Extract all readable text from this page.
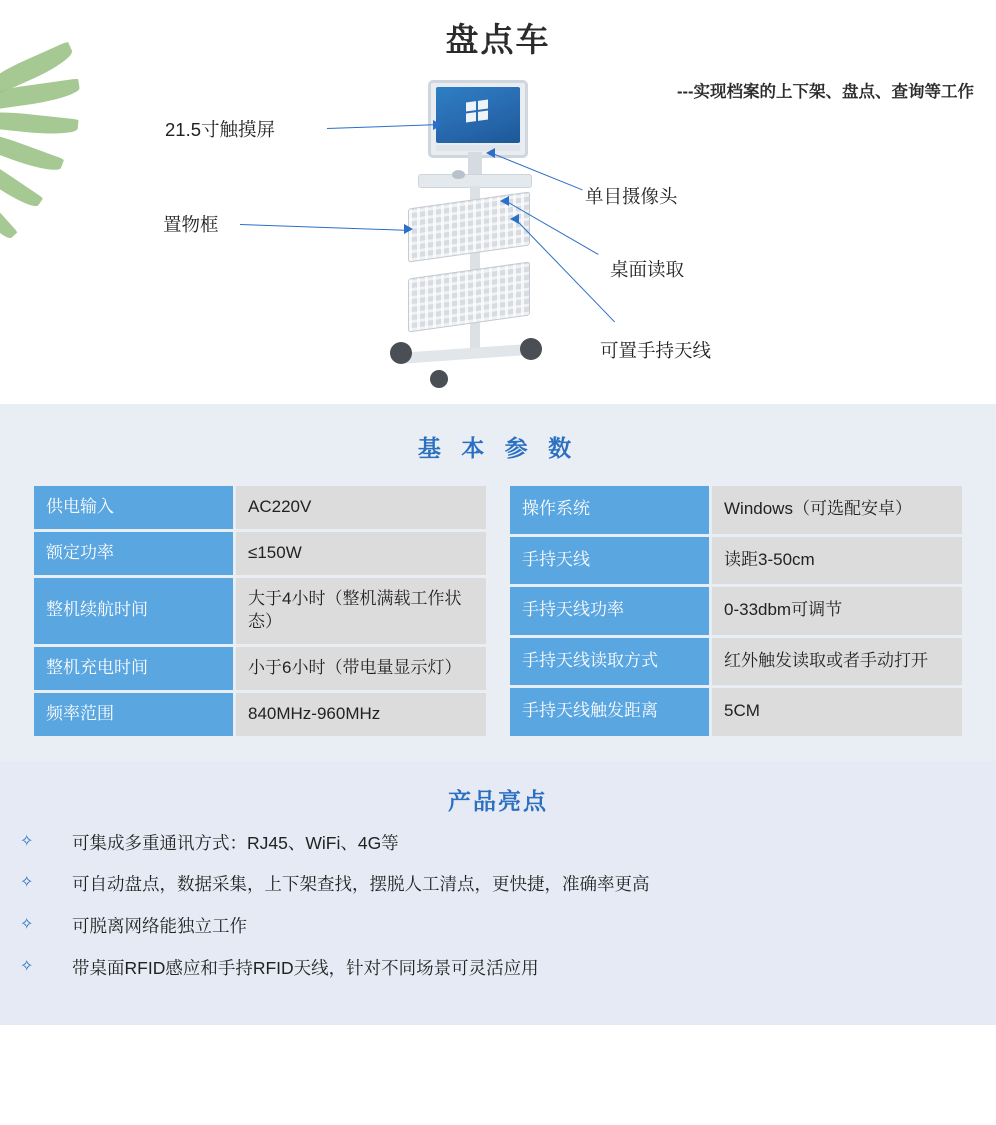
盘点车
---实现档案的上下架、盘点、查询等工作
21.5寸触摸屏
置物框
单目摄像头
桌面读取
可置手持天线
基 本 参 数
供电输入	AC220V
额定功率	≤150W
整机续航时间	大于4小时（整机满载工作状态）
整机充电时间	小于6小时（带电量显示灯）
频率范围	840MHz-960MHz
操作系统	Windows（可选配安卓）
手持天线	读距3-50cm
手持天线功率	0-33dbm可调节
手持天线读取方式	红外触发读取或者手动打开
手持天线触发距离	5CM
产品亮点
✧ 可集成多重通讯方式：RJ45、WiFi、4G等
✧ 可自动盘点，数据采集，上下架查找，摆脱人工清点，更快捷，准确率更高
✧ 可脱离网络能独立工作
✧ 带桌面RFID感应和手持RFID天线，针对不同场景可灵活应用
